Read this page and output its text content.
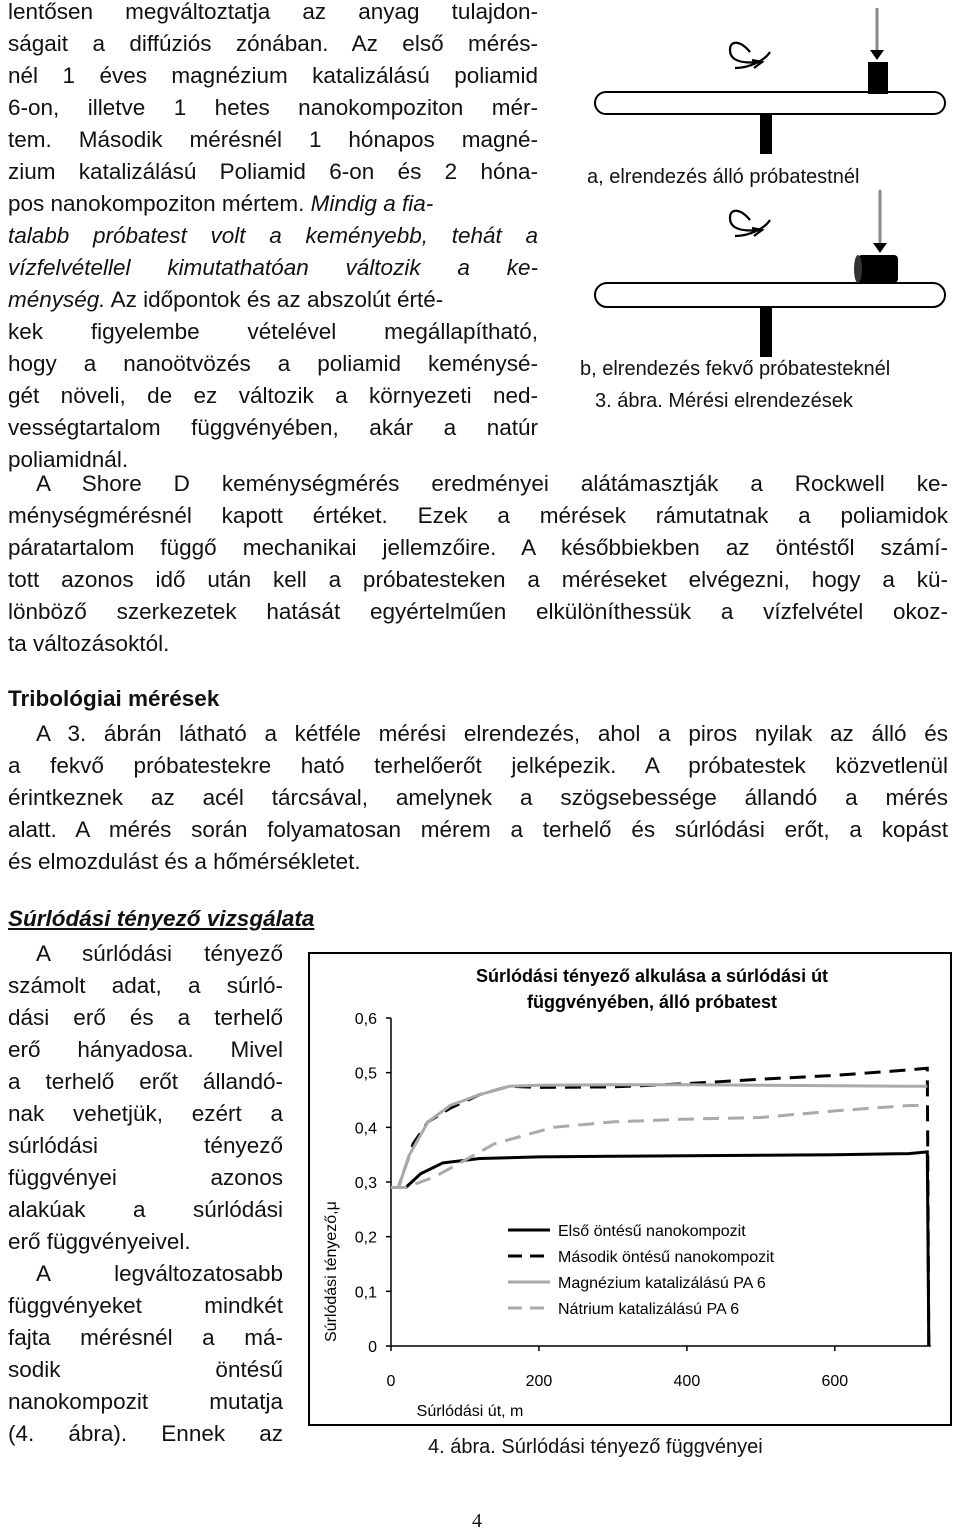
lentősen megváltoztatja az anyag tulajdon-
ságait a diffúziós zónában. Az első mérés-
nél 1 éves magnézium katalizálású poliamid
6-on, illetve 1 hetes nanokompoziton mér-
tem. Második mérésnél 1 hónapos magné-
zium katalizálású Poliamid 6-on és 2 hóna-
pos nanokompoziton mértem. Mindig a fia-
talabb próbatest volt a keményebb, tehát a
vízfelvétellel kimutathatóan változik a ke-
ménység. Az időpontok és az abszolút érté-
kek figyelembe vételével megállapítható,
hogy a nanoötvözés a poliamid keménysé-
gét növeli, de ez változik a környezeti ned-
vességtartalom függvényében, akár a natúr
poliamidnál.
a, elrendezés álló próbatestnél
b, elrendezés fekvő próbatesteknél
3. ábra. Mérési elrendezések
A Shore D keménységmérés eredményei alátámasztják a Rockwell ke-
ménységmérésnél kapott értéket. Ezek a mérések rámutatnak a poliamidok
páratartalom függő mechanikai jellemzőire. A későbbiekben az öntéstől számí-
tott azonos idő után kell a próbatesteken a méréseket elvégezni, hogy a kü-
lönböző szerkezetek hatását egyértelműen elkülöníthessük a vízfelvétel okoz-
ta változásoktól.
Tribológiai mérések
A 3. ábrán látható a kétféle mérési elrendezés, ahol a piros nyilak az álló és
a fekvő próbatestekre ható terhelőerőt jelképezik. A próbatestek közvetlenül
érintkeznek az acél tárcsával, amelynek a szögsebessége állandó a mérés
alatt. A mérés során folyamatosan mérem a terhelő és súrlódási erőt, a kopást
és elmozdulást és a hőmérsékletet.
Súrlódási tényező vizsgálata
A súrlódási tényező
számolt adat, a súrló-
dási erő és a terhelő
erő hányadosa. Mivel
a terhelő erőt állandó-
nak vehetjük, ezért a
súrlódási tényező
függvényei azonos
alakúak a súrlódási
erő függvényeivel.
A legváltozatosabb
függvényeket mindkét
fajta mérésnél a má-
sodik öntésű
nanokompozit mutatja
(4. ábra). Ennek az
Súrlódási tényező alkulása a súrlódási út
függvényében, álló próbatest
0
0,1
0,2
0,3
0,4
0,5
0,6
0	200	400	600
Súrlódási út, m
Súrlódási tényező,μ
Első öntésű nanokompozit
Második öntésű nanokompozit
Magnézium katalizálású PA 6
Nátrium katalizálású PA 6
4. ábra. Súrlódási tényező függvényei
4
